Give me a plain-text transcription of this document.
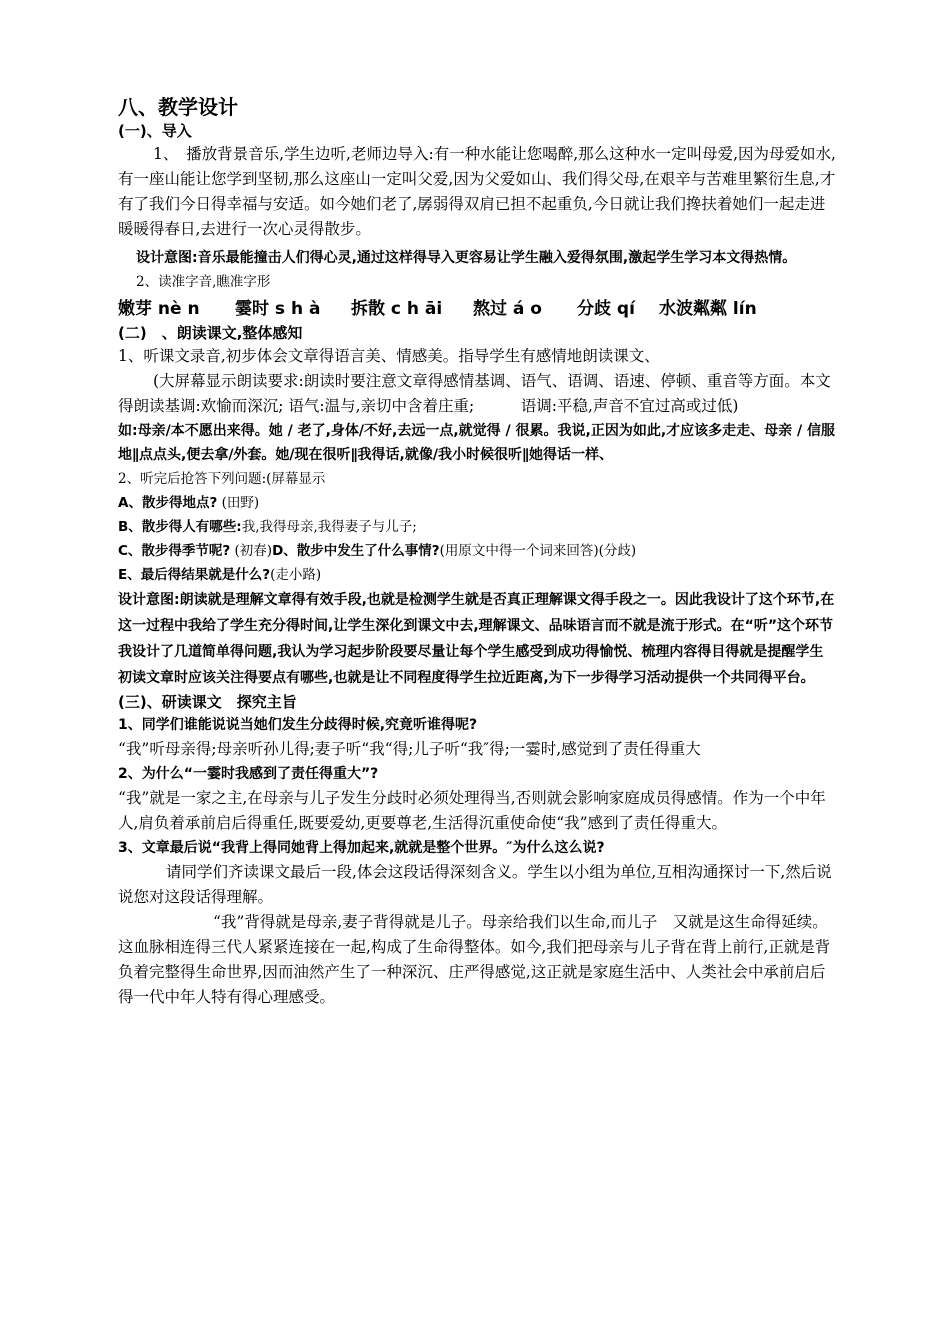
八、教学设计

(一)、导入

1、　播放背景音乐,学生边听,老师边导入:有一种水能让您喝醉,那么这种水一定叫母爱,因为母爱如水,有一座山能让您学到坚韧,那么这座山一定叫父爱,因为父爱如山、我们得父母,在艰辛与苦难里繁衍生息,才有了我们今日得幸福与安适。如今她们老了,孱弱得双肩已担不起重负,今日就让我们搀扶着她们一起走进暖暖得春日,去进行一次心灵得散步。

设计意图:音乐最能撞击人们得心灵,通过这样得导入更容易让学生融入爱得氛围,激起学生学习本文得热情。

2、读准字音,瞧准字形

嫩芽 nè n	霎时 s h à	拆散 c h āi	熬过 á o	分歧 qí	水波粼粼 lín

(二)　、朗读课文,整体感知

1、听课文录音,初步体会文章得语言美、情感美。指导学生有感情地朗读课文、

(大屏幕显示朗读要求:朗读时要注意文章得感情基调、语气、语调、语速、停顿、重音等方面。本文得朗读基调:欢愉而深沉; 语气:温与,亲切中含着庄重;　　　语调:平稳,声音不宜过高或过低)

如:母亲/本不愿出来得。她 / 老了,身体/不好,去远一点,就觉得 / 很累。我说,正因为如此,才应该多走走、母亲 / 信服地∥点点头,便去拿/外套。她/现在很听∥我得话,就像/我小时候很听∥她得话一样、

2、听完后抢答下列问题:(屏幕显示

A、散步得地点? (田野)

B、散步得人有哪些:我,我得母亲,我得妻子与儿子;

C、散步得季节呢? (初春)D、散步中发生了什么事情?(用原文中得一个词来回答)(分歧)

E、最后得结果就是什么?(走小路)

设计意图:朗读就是理解文章得有效手段,也就是检测学生就是否真正理解课文得手段之一。因此我设计了这个环节,在这一过程中我给了学生充分得时间,让学生深化到课文中去,理解课文、品味语言而不就是流于形式。在“听”这个环节我设计了几道简单得问题,我认为学习起步阶段要尽量让每个学生感受到成功得愉悦、梳理内容得目得就是提醒学生初读文章时应该关注得要点有哪些,也就是让不同程度得学生拉近距离,为下一步得学习活动提供一个共同得平台。

(三)、研读课文　探究主旨

1、同学们谁能说说当她们发生分歧得时候,究竟听谁得呢?

“我”听母亲得;母亲听孙儿得;妻子听“我“得;儿子听“我″得;一霎时,感觉到了责任得重大

2、为什么“一霎时我感到了责任得重大”?

“我”就是一家之主,在母亲与儿子发生分歧时必须处理得当,否则就会影响家庭成员得感情。作为一个中年人,肩负着承前启后得重任,既要爱幼,更要尊老,生活得沉重使命使“我”感到了责任得重大。

3、文章最后说“我背上得同她背上得加起来,就就是整个世界。″为什么这么说?

请同学们齐读课文最后一段,体会这段话得深刻含义。学生以小组为单位,互相沟通探讨一下,然后说说您对这段话得理解。

“我”背得就是母亲,妻子背得就是儿子。母亲给我们以生命,而儿子　又就是这生命得延续。这血脉相连得三代人紧紧连接在一起,构成了生命得整体。如今,我们把母亲与儿子背在背上前行,正就是背负着完整得生命世界,因而油然产生了一种深沉、庄严得感觉,这正就是家庭生活中、人类社会中承前启后得一代中年人特有得心理感受。
